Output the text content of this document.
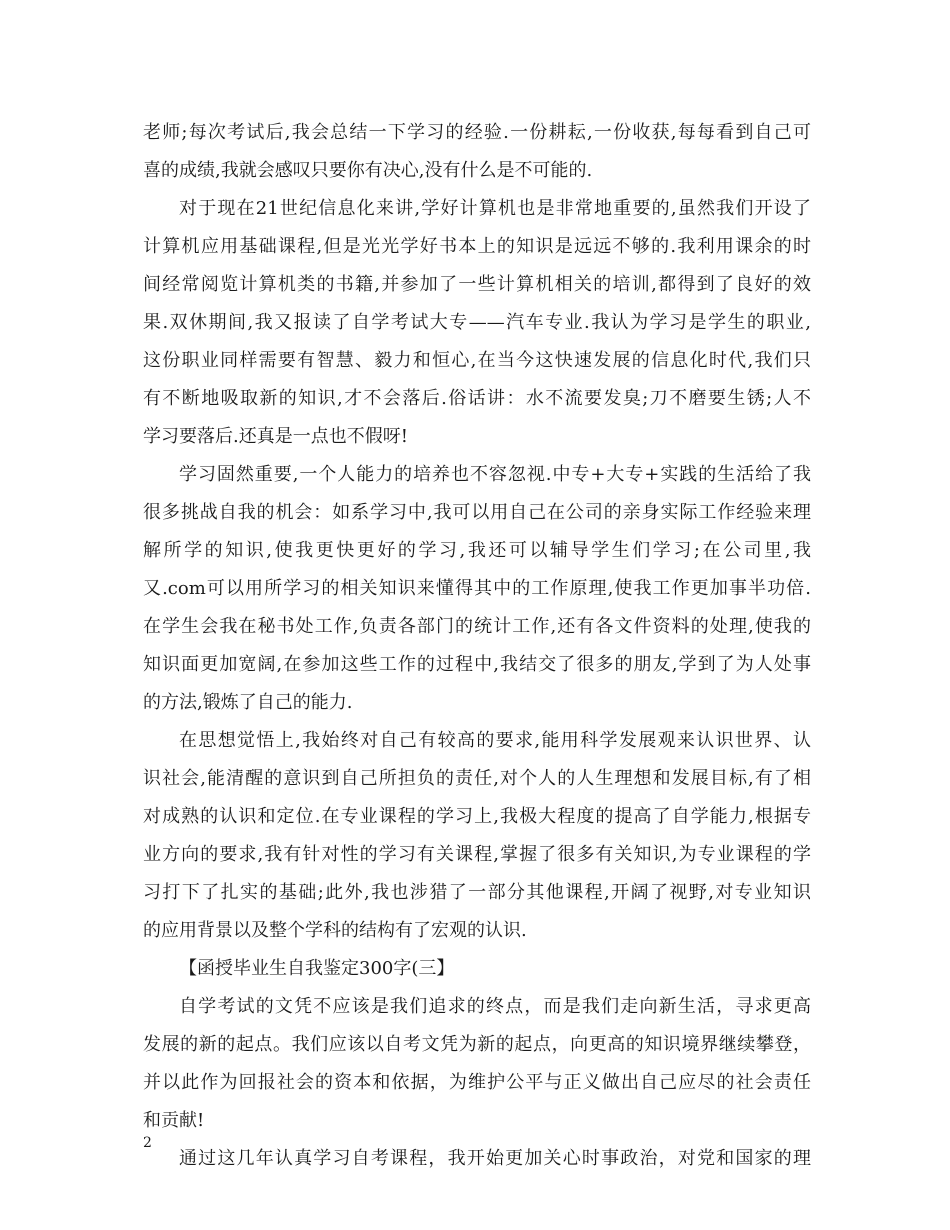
老师;每次考试后,我会总结一下学习的经验.一份耕耘,一份收获,每每看到自己可
喜的成绩,我就会感叹只要你有决心,没有什么是不可能的.
对于现在21世纪信息化来讲,学好计算机也是非常地重要的,虽然我们开设了
计算机应用基础课程,但是光光学好书本上的知识是远远不够的.我利用课余的时
间经常阅览计算机类的书籍,并参加了一些计算机相关的培训,都得到了良好的效
果.双休期间,我又报读了自学考试大专——汽车专业.我认为学习是学生的职业,
这份职业同样需要有智慧、毅力和恒心,在当今这快速发展的信息化时代,我们只
有不断地吸取新的知识,才不会落后.俗话讲：水不流要发臭;刀不磨要生锈;人不
学习要落后.还真是一点也不假呀!
学习固然重要,一个人能力的培养也不容忽视.中专+大专+实践的生活给了我
很多挑战自我的机会：如系学习中,我可以用自己在公司的亲身实际工作经验来理
解所学的知识,使我更快更好的学习,我还可以辅导学生们学习;在公司里,我
又.com可以用所学习的相关知识来懂得其中的工作原理,使我工作更加事半功倍.
在学生会我在秘书处工作,负责各部门的统计工作,还有各文件资料的处理,使我的
知识面更加宽阔,在参加这些工作的过程中,我结交了很多的朋友,学到了为人处事
的方法,锻炼了自己的能力.
在思想觉悟上,我始终对自己有较高的要求,能用科学发展观来认识世界、认
识社会,能清醒的意识到自己所担负的责任,对个人的人生理想和发展目标,有了相
对成熟的认识和定位.在专业课程的学习上,我极大程度的提高了自学能力,根据专
业方向的要求,我有针对性的学习有关课程,掌握了很多有关知识,为专业课程的学
习打下了扎实的基础;此外,我也涉猎了一部分其他课程,开阔了视野,对专业知识
的应用背景以及整个学科的结构有了宏观的认识.
【函授毕业生自我鉴定300字(三】
自学考试的文凭不应该是我们追求的终点，而是我们走向新生活，寻求更高
发展的新的起点。我们应该以自考文凭为新的起点，向更高的知识境界继续攀登，
并以此作为回报社会的资本和依据，为维护公平与正义做出自己应尽的社会责任
和贡献!
通过这几年认真学习自考课程，我开始更加关心时事政治，对党和国家的理
2
